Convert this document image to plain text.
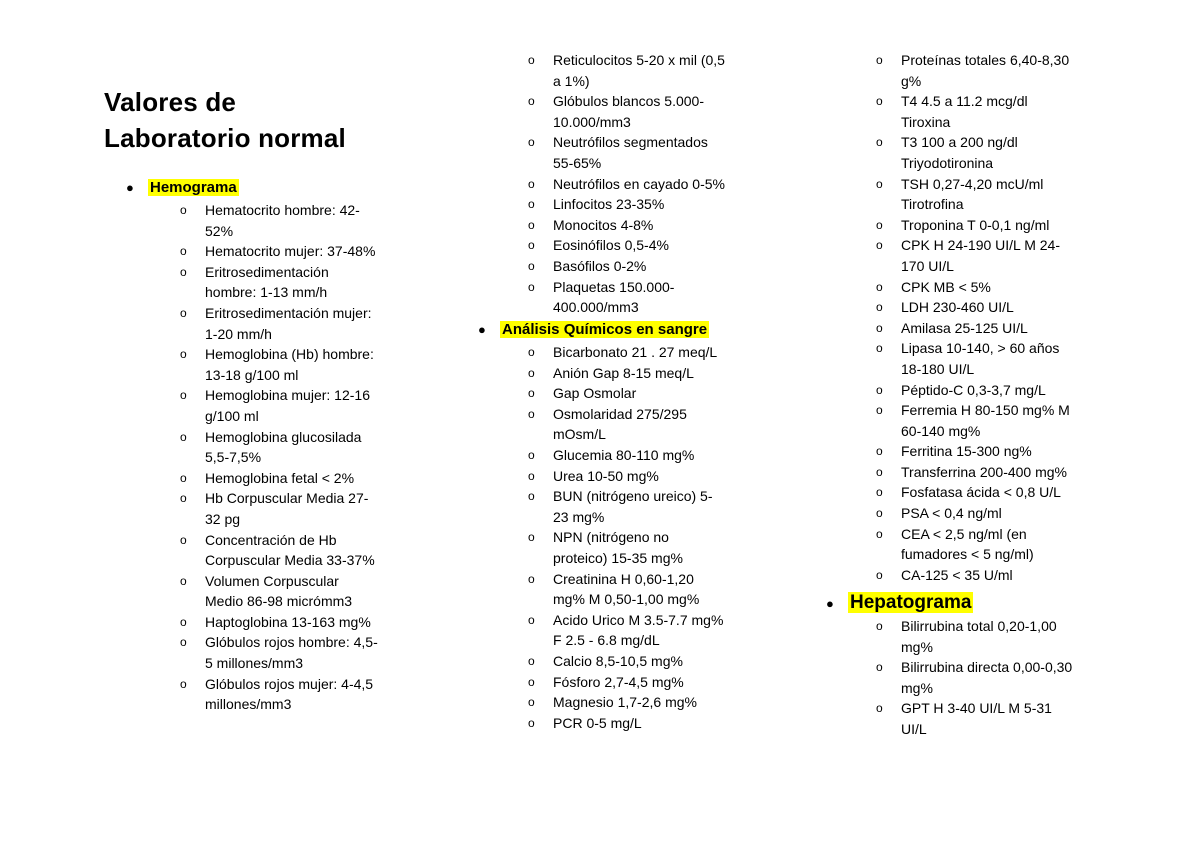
Valores de
Laboratorio normal
● Hemograma
o Hematocrito hombre: 42-
52%
o Hematocrito mujer: 37-48%
o Eritrosedimentación
hombre: 1-13 mm/h
o Eritrosedimentación mujer:
1-20 mm/h
o Hemoglobina (Hb) hombre:
13-18 g/100 ml
o Hemoglobina mujer: 12-16
g/100 ml
o Hemoglobina glucosilada
5,5-7,5%
o Hemoglobina fetal < 2%
o Hb Corpuscular Media 27-
32 pg
o Concentración de Hb
Corpuscular Media 33-37%
o Volumen Corpuscular
Medio 86-98 micrómm3
o Haptoglobina 13-163 mg%
o Glóbulos rojos hombre: 4,5-
5 millones/mm3
o Glóbulos rojos mujer: 4-4,5
millones/mm3
o Reticulocitos 5-20 x mil (0,5
a 1%)
o Glóbulos blancos 5.000-
10.000/mm3
o Neutrófilos segmentados
55-65%
o Neutrófilos en cayado 0-5%
o Linfocitos 23-35%
o Monocitos 4-8%
o Eosinófilos 0,5-4%
o Basófilos 0-2%
o Plaquetas 150.000-
400.000/mm3
● Análisis Químicos en sangre
o Bicarbonato 21 . 27 meq/L
o Anión Gap 8-15 meq/L
o Gap Osmolar
o Osmolaridad 275/295
mOsm/L
o Glucemia 80-110 mg%
o Urea 10-50 mg%
o BUN (nitrógeno ureico) 5-
23 mg%
o NPN (nitrógeno no
proteico) 15-35 mg%
o Creatinina H 0,60-1,20
mg% M 0,50-1,00 mg%
o Acido Urico M 3.5-7.7 mg%
F 2.5 - 6.8 mg/dL
o Calcio 8,5-10,5 mg%
o Fósforo 2,7-4,5 mg%
o Magnesio 1,7-2,6 mg%
o PCR 0-5 mg/L
o Proteínas totales 6,40-8,30
g%
o T4 4.5 a 11.2 mcg/dl
Tiroxina
o T3 100 a 200 ng/dl
Triyodotironina
o TSH 0,27-4,20 mcU/ml
Tirotrofina
o Troponina T 0-0,1 ng/ml
o CPK H 24-190 UI/L M 24-
170 UI/L
o CPK MB < 5%
o LDH 230-460 UI/L
o Amilasa 25-125 UI/L
o Lipasa 10-140, > 60 años
18-180 UI/L
o Péptido-C 0,3-3,7 mg/L
o Ferremia H 80-150 mg% M
60-140 mg%
o Ferritina 15-300 ng%
o Transferrina 200-400 mg%
o Fosfatasa ácida < 0,8 U/L
o PSA < 0,4 ng/ml
o CEA < 2,5 ng/ml (en
fumadores < 5 ng/ml)
o CA-125 < 35 U/ml
● Hepatograma
o Bilirrubina total 0,20-1,00
mg%
o Bilirrubina directa 0,00-0,30
mg%
o GPT H 3-40 UI/L M 5-31
UI/L
